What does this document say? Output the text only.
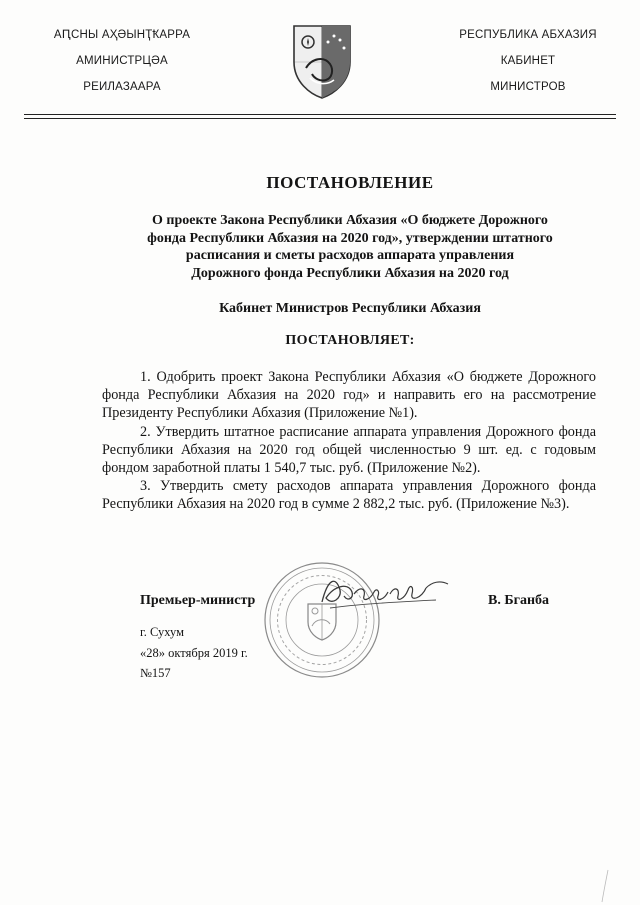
АԤСНЫ АҲӘЫНҬҞАРРА
АМИНИСТРЦӘА
РЕИЛАЗААРА
РЕСПУБЛИКА АБХАЗИЯ
КАБИНЕТ
МИНИСТРОВ
ПОСТАНОВЛЕНИЕ
О проекте Закона Республики Абхазия «О бюджете Дорожного
фонда Республики Абхазия на 2020 год», утверждении штатного
расписания и сметы расходов аппарата управления
Дорожного фонда Республики Абхазия на 2020 год
Кабинет Министров Республики Абхазия
ПОСТАНОВЛЯЕТ:

1. Одобрить проект Закона Республики Абхазия «О бюджете Дорожного фонда Республики Абхазия на 2020 год» и направить его на рассмотрение Президенту Республики Абхазия (Приложение №1).

2. Утвердить штатное расписание аппарата управления Дорожного фонда Республики Абхазия на 2020 год общей численностью 9 шт. ед. с годовым фондом заработной платы 1 540,7 тыс. руб. (Приложение №2).

3. Утвердить смету расходов аппарата управления Дорожного фонда Республики Абхазия на 2020 год в сумме 2 882,2 тыс. руб. (Приложение №3).

Премьер-министр	В. Бганба
г. Сухум
«28» октября 2019 г.
№157
